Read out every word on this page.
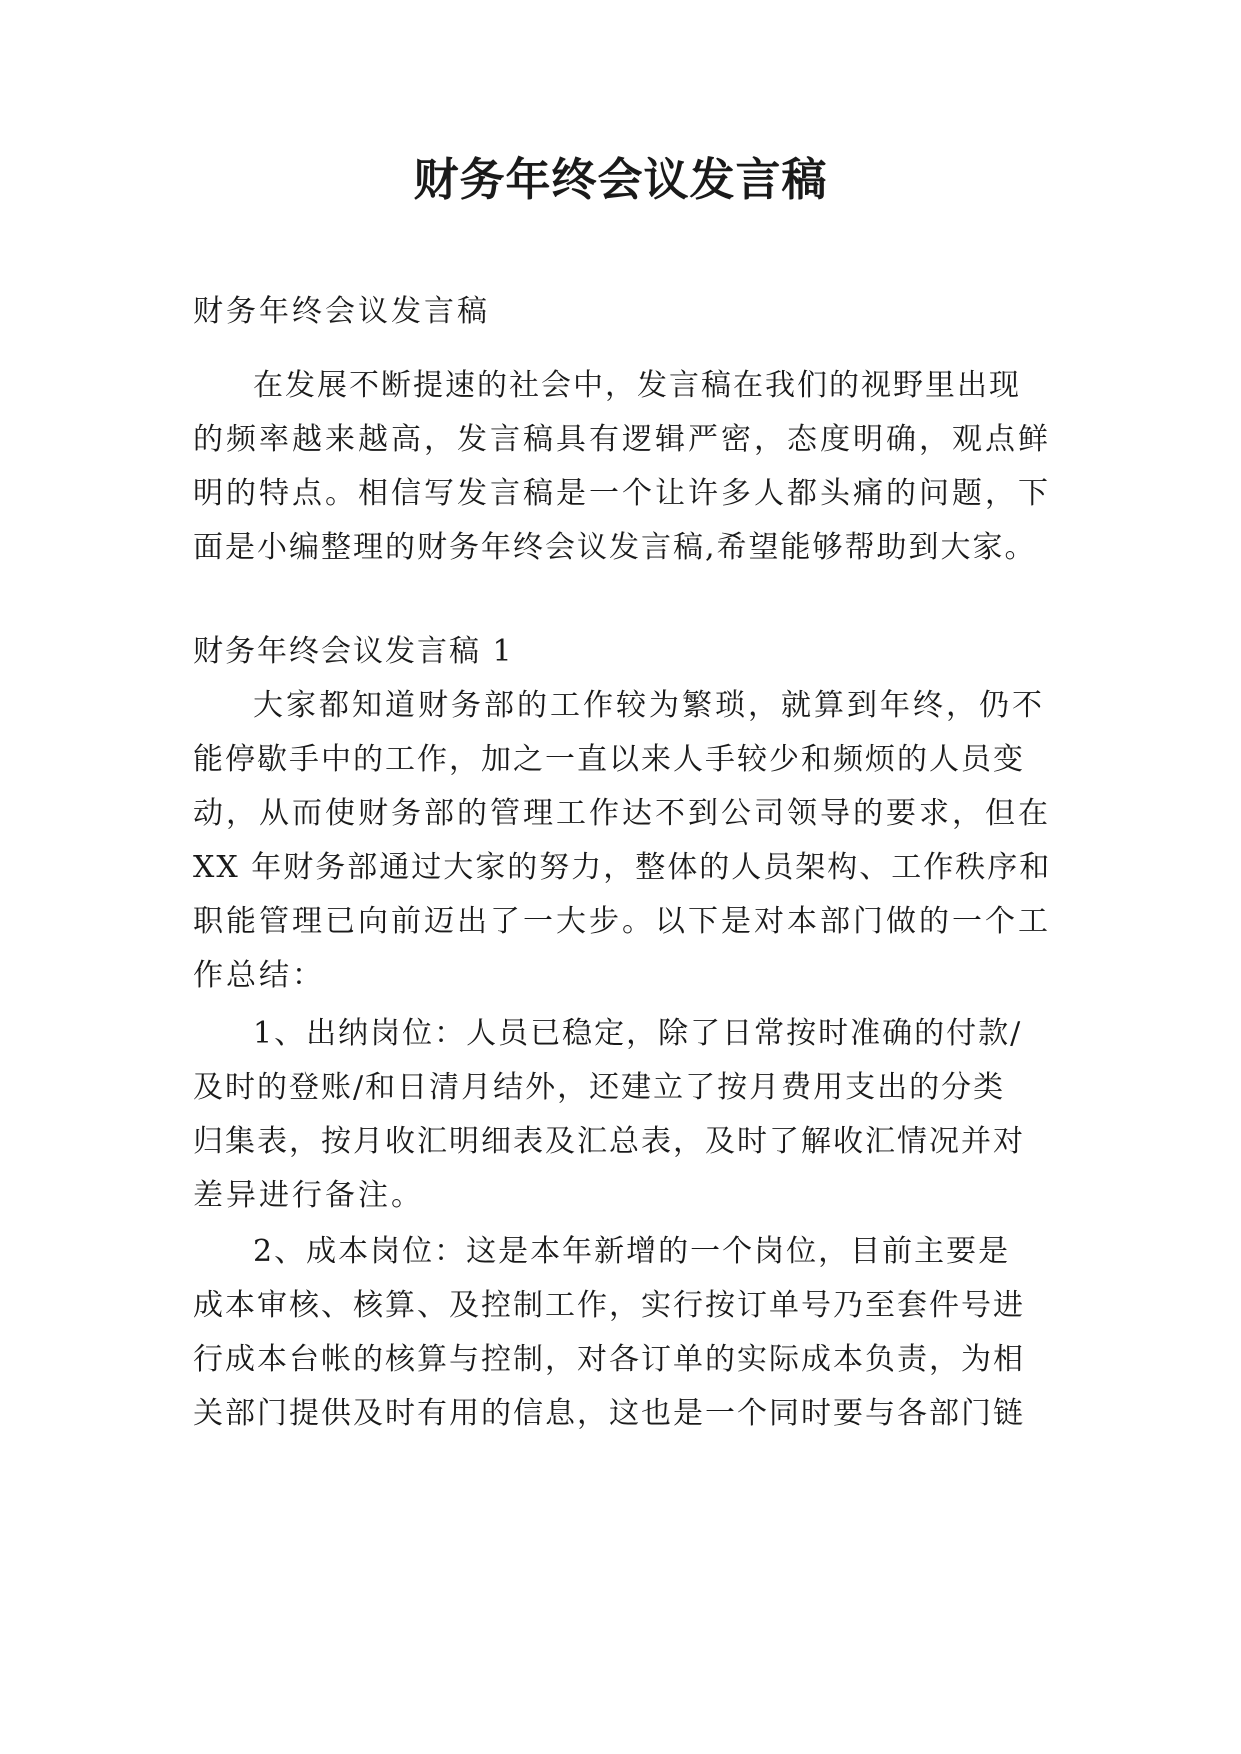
财务年终会议发言稿

财务年终会议发言稿

在发展不断提速的社会中，发言稿在我们的视野里出现

的频率越来越高，发言稿具有逻辑严密，态度明确，观点鲜

明的特点。相信写发言稿是一个让许多人都头痛的问题，下

面是小编整理的财务年终会议发言稿,希望能够帮助到大家。

财务年终会议发言稿 1

大家都知道财务部的工作较为繁琐，就算到年终，仍不

能停歇手中的工作，加之一直以来人手较少和频烦的人员变

动，从而使财务部的管理工作达不到公司领导的要求，但在

XX 年财务部通过大家的努力，整体的人员架构、工作秩序和

职能管理已向前迈出了一大步。以下是对本部门做的一个工

作总结：

1、出纳岗位：人员已稳定，除了日常按时准确的付款/

及时的登账/和日清月结外，还建立了按月费用支出的分类

归集表，按月收汇明细表及汇总表，及时了解收汇情况并对

差异进行备注。

2、成本岗位：这是本年新增的一个岗位，目前主要是

成本审核、核算、及控制工作，实行按订单号乃至套件号进

行成本台帐的核算与控制，对各订单的实际成本负责，为相

关部门提供及时有用的信息，这也是一个同时要与各部门链
